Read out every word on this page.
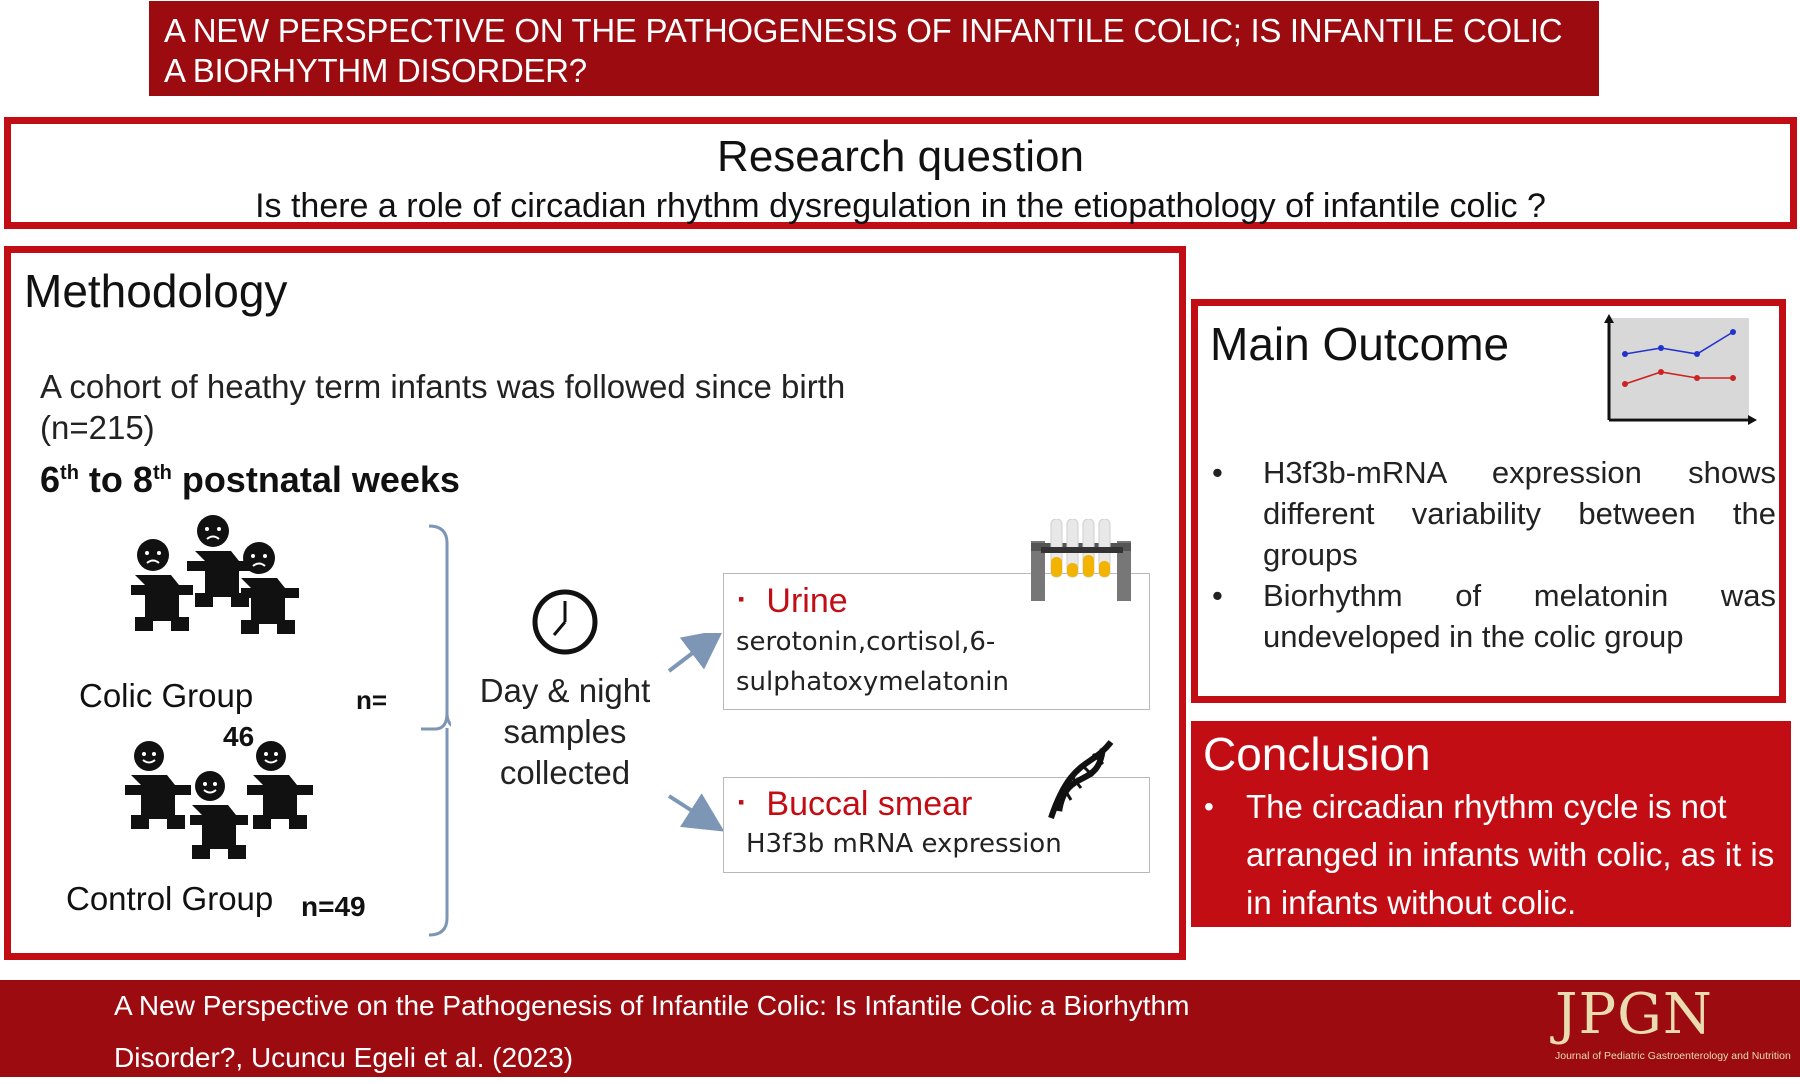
A NEW PERSPECTIVE ON THE PATHOGENESIS OF INFANTILE COLIC; IS INFANTILE COLIC A BIORHYTHM DISORDER?
Research question
Is there a role of circadian rhythm dysregulation in the etiopathology of infantile colic ?
Methodology
A cohort of heathy term infants was followed since birth (n=215)
6th to 8th postnatal weeks
Colic Group	n=
46
Control Group n=49
Day & night samples collected
▪ Urine
serotonin,cortisol,6-sulphatoxymelatonin
▪ Buccal smear
H3f3b mRNA expression
Main Outcome
• H3f3b-mRNA expression shows different variability between the groups
• Biorhythm of melatonin was undeveloped in the colic group
Conclusion
• The circadian rhythm cycle is not arranged in infants with colic, as it is in infants without colic.
A New Perspective on the Pathogenesis of Infantile Colic: Is Infantile Colic a Biorhythm Disorder?, Ucuncu Egeli et al. (2023)
JPGN
Journal of Pediatric Gastroenterology and Nutrition
